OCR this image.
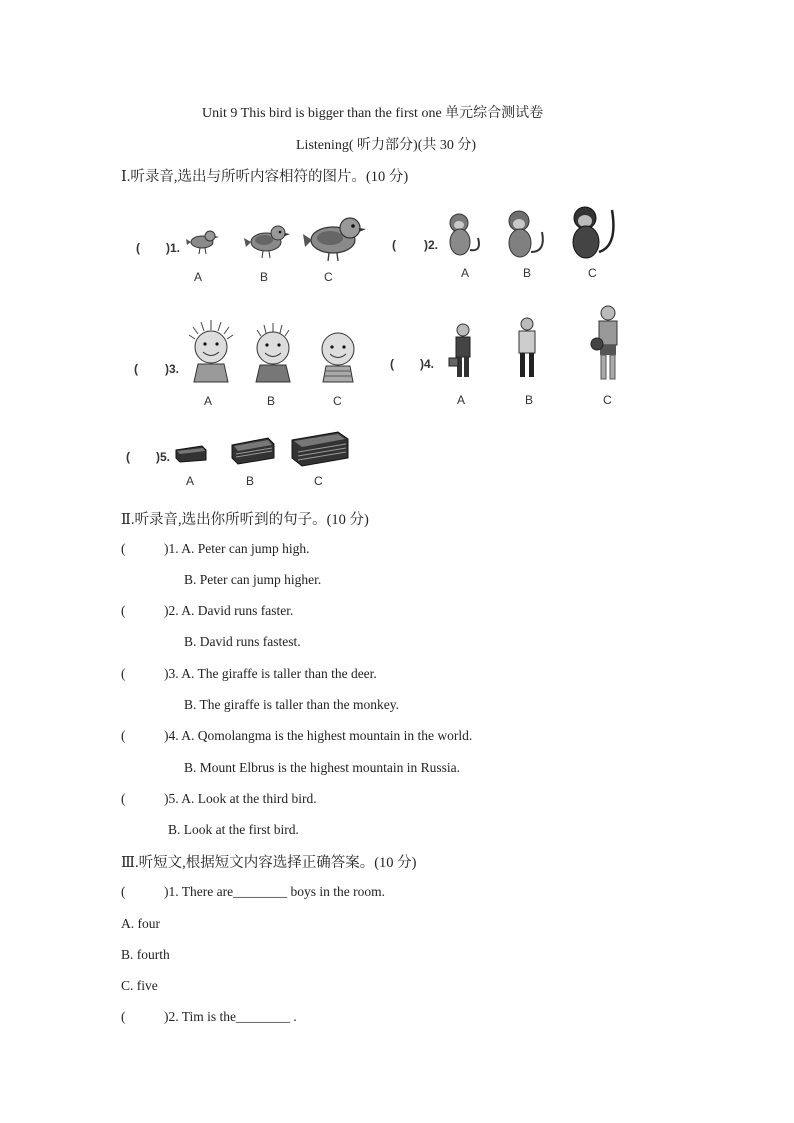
Unit 9 This bird is bigger than the first one 单元综合测试卷
Listening( 听力部分)(共 30 分)
Ⅰ.听录音,选出与所听内容相符的图片。(10 分)
( )1.
A	B	C
( )2.
A	B	C
( )3.
A	B	C
( )4.
A	B	C
( )5.
A	B	C
Ⅱ.听录音,选出你所听到的句子。(10 分)
(	)1. A. Peter can jump high.
B. Peter can jump higher.
(	)2. A. David runs faster.
B. David runs fastest.
(	)3. A. The giraffe is taller than the deer.
B. The giraffe is taller than the monkey.
(	)4. A. Qomolangma is the highest mountain in the world.
B. Mount Elbrus is the highest mountain in Russia.
(	)5. A. Look at the third bird.
B. Look at the first bird.
Ⅲ.听短文,根据短文内容选择正确答案。(10 分)
(	)1. There are________ boys in the room.
A. four
B. fourth
C. five
(	)2. Tim is the________ .
